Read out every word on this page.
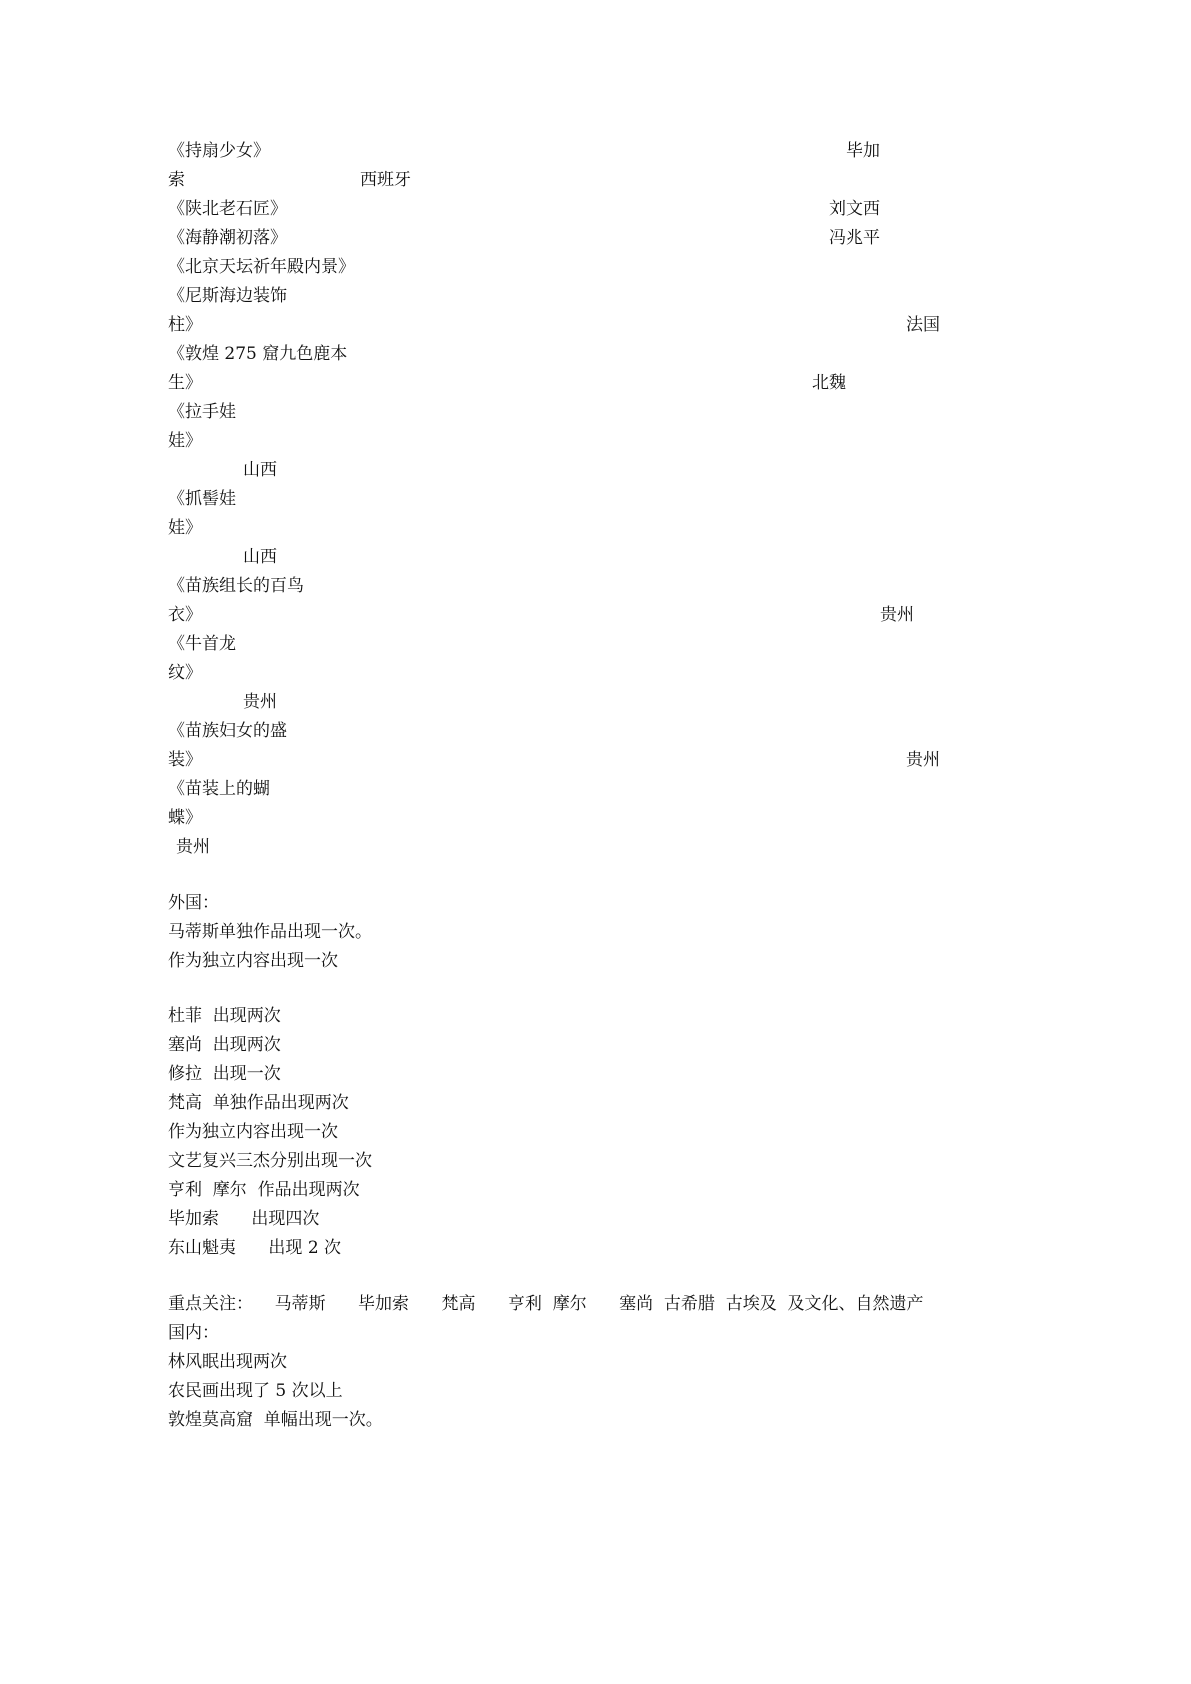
《持扇少女》	毕加
索	西班牙
《陕北老石匠》	刘文西
《海静潮初落》	冯兆平
《北京天坛祈年殿内景》
《尼斯海边装饰
柱》	法国
《敦煌 275 窟九色鹿本
生》	北魏
《拉手娃
娃》
山西
《抓髻娃
娃》
山西
《苗族组长的百鸟
衣》	贵州
《牛首龙
纹》
贵州
《苗族妇女的盛
装》	贵州
《苗装上的蝴
蝶》
贵州
外国：
马蒂斯单独作品出现一次。
作为独立内容出现一次
杜菲  出现两次
塞尚  出现两次
修拉  出现一次
梵高  单独作品出现两次
作为独立内容出现一次
文艺复兴三杰分别出现一次
亨利  摩尔  作品出现两次
毕加索      出现四次
东山魁夷      出现 2 次
重点关注：    马蒂斯      毕加索      梵高      亨利  摩尔      塞尚  古希腊  古埃及  及文化、自然遗产
国内：
林风眠出现两次
农民画出现了 5 次以上
敦煌莫高窟  单幅出现一次。
